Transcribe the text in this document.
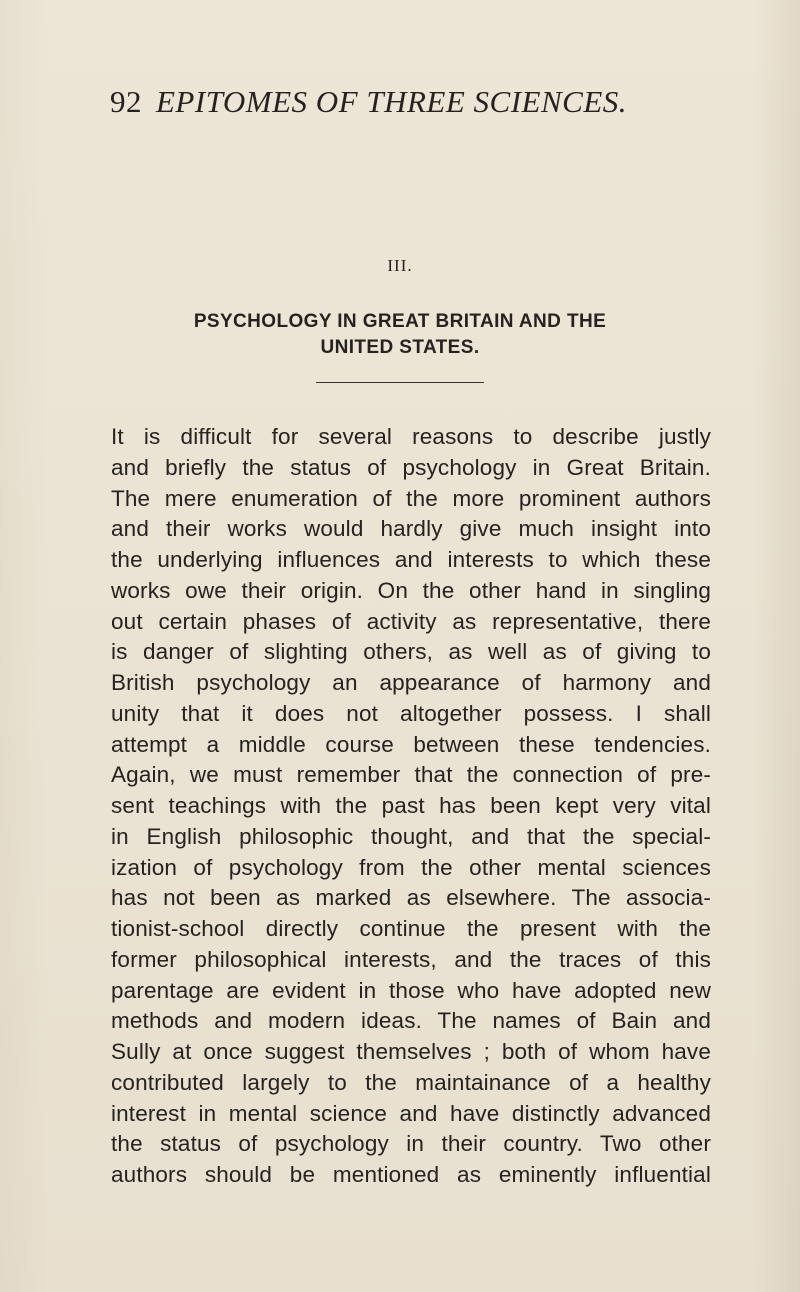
92 EPITOMES OF THREE SCIENCES.
III.
PSYCHOLOGY IN GREAT BRITAIN AND THE
UNITED STATES.
It is difficult for several reasons to describe justly
and briefly the status of psychology in Great Britain.
The mere enumeration of the more prominent authors
and their works would hardly give much insight into
the underlying influences and interests to which these
works owe their origin. On the other hand in singling
out certain phases of activity as representative, there
is danger of slighting others, as well as of giving to
British psychology an appearance of harmony and
unity that it does not altogether possess. I shall
attempt a middle course between these tendencies.
Again, we must remember that the connection of pre-
sent teachings with the past has been kept very vital
in English philosophic thought, and that the special-
ization of psychology from the other mental sciences
has not been as marked as elsewhere. The associa-
tionist-school directly continue the present with the
former philosophical interests, and the traces of this
parentage are evident in those who have adopted new
methods and modern ideas. The names of Bain and
Sully at once suggest themselves ; both of whom have
contributed largely to the maintainance of a healthy
interest in mental science and have distinctly advanced
the status of psychology in their country. Two other
authors should be mentioned as eminently influential
